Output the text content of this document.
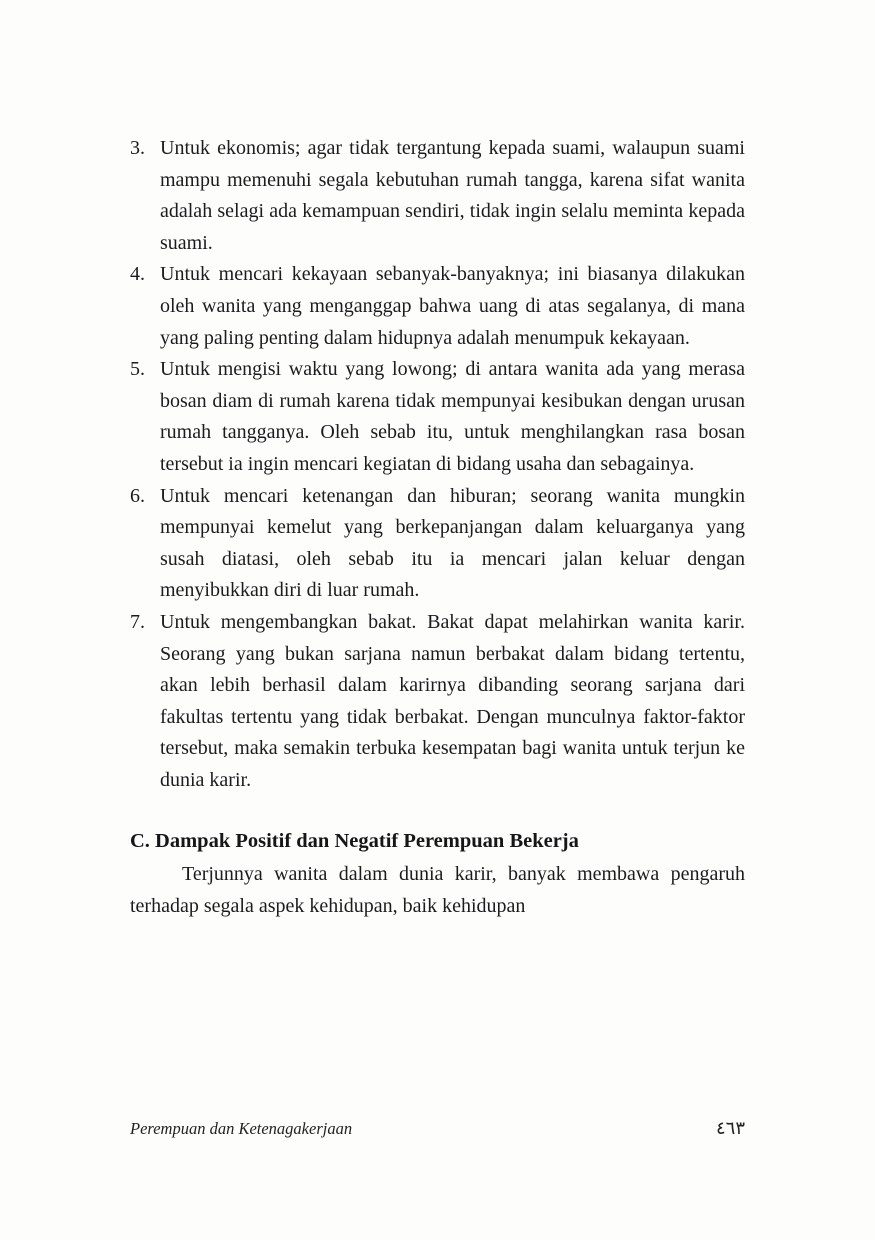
3. Untuk ekonomis; agar tidak tergantung kepada suami, walaupun suami mampu memenuhi segala kebutuhan rumah tangga, karena sifat wanita adalah selagi ada kemampuan sendiri, tidak ingin selalu meminta kepada suami.
4. Untuk mencari kekayaan sebanyak-banyaknya; ini biasanya dilakukan oleh wanita yang menganggap bahwa uang di atas segalanya, di mana yang paling penting dalam hidupnya adalah menumpuk kekayaan.
5. Untuk mengisi waktu yang lowong; di antara wanita ada yang merasa bosan diam di rumah karena tidak mempunyai kesibukan dengan urusan rumah tangganya. Oleh sebab itu, untuk menghilangkan rasa bosan tersebut ia ingin mencari kegiatan di bidang usaha dan sebagainya.
6. Untuk mencari ketenangan dan hiburan; seorang wanita mungkin mempunyai kemelut yang berkepanjangan dalam keluarganya yang susah diatasi, oleh sebab itu ia mencari jalan keluar dengan menyibukkan diri di luar rumah.
7. Untuk mengembangkan bakat. Bakat dapat melahirkan wanita karir. Seorang yang bukan sarjana namun berbakat dalam bidang tertentu, akan lebih berhasil dalam karirnya dibanding seorang sarjana dari fakultas tertentu yang tidak berbakat. Dengan munculnya faktor-faktor tersebut, maka semakin terbuka kesempatan bagi wanita untuk terjun ke dunia karir.
C. Dampak Positif dan Negatif Perempuan Bekerja
Terjunnya wanita dalam dunia karir, banyak membawa pengaruh terhadap segala aspek kehidupan, baik kehidupan
Perempuan dan Ketenagakerjaan	٤٦٣
